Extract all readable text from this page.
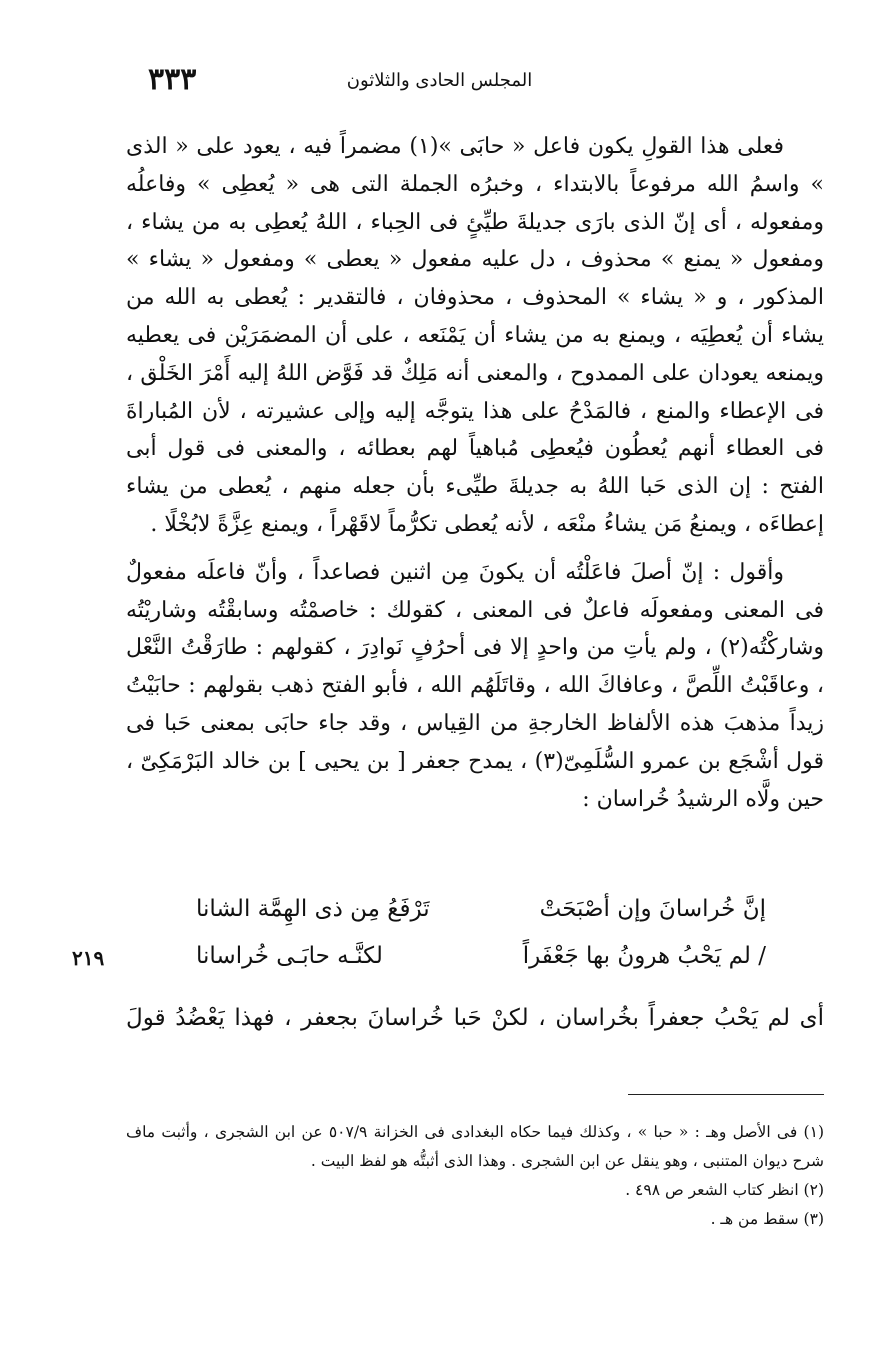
٣٣٣	المجلس الحادى والثلاثون

فعلى هذا القولِ يكون فاعل « حابَى »(١) مضمراً فيه ، يعود على « الذى » واسمُ الله مرفوعاً بالابتداء ، وخبرُه الجملة التى هى « يُعطِى » وفاعلُه ومفعوله ، أى إنّ الذى بارَى جديلةَ طيِّئٍ فى الحِباء ، اللهُ يُعطِى به من يشاء ، ومفعول « يمنع » محذوف ، دل عليه مفعول « يعطى » ومفعول « يشاء » المذكور ، و « يشاء » المحذوف ، محذوفان ، فالتقدير : يُعطى به الله من يشاء أن يُعطِيَه ، ويمنع به من يشاء أن يَمْنَعه ، على أن المضمَرَيْن فى يعطيه ويمنعه يعودان على الممدوح ، والمعنى أنه مَلِكٌ قد فَوَّض اللهُ إليه أَمْرَ الخَلْق ، فى الإعطاء والمنع ، فالمَدْحُ على هذا يتوجَّه إليه وإلى عشيرته ، لأن المُباراةَ فى العطاء أنهم يُعطُون فيُعطِى مُباهياً لهم بعطائه ، والمعنى فى قول أبى الفتح : إن الذى حَبا اللهُ به جديلةَ طيِّىء بأن جعله منهم ، يُعطى من يشاء إعطاءَه ، ويمنعُ مَن يشاءُ منْعَه ، لأنه يُعطى تكرُّماً لاقَهْراً ، ويمنع عِزَّةً لابُخْلًا .

وأقول : إنّ أصلَ فاعَلْتُه أن يكونَ مِن اثنين فصاعداً ، وأنّ فاعلَه مفعولٌ فى المعنى ومفعولَه فاعلٌ فى المعنى ، كقولك : خاصمْتُه وسابقْتُه وشاريْتُه وشاركْتُه(٢) ، ولم يأتِ من واحدٍ إلا فى أحرُفٍ نَوادِرَ ، كقولهم : طارَقْتُ النَّعْل ، وعاقَبْتُ اللِّصَّ ، وعافاكَ الله ، وقاتَلَهُم الله ، فأبو الفتح ذهب بقولهم : حابَيْتُ زيداً مذهبَ هذه الألفاظ الخارجةِ من القِياس ، وقد جاء حابَى بمعنى حَبا فى قول أشْجَع بن عمرو السُّلَمِىّ(٣) ، يمدح جعفر [ بن يحيى ] بن خالد البَرْمَكِىّ ، حين ولَّاه الرشيدُ خُراسان :

إنَّ خُراسانَ وإن أصْبَحَتْ
تَرْفَعُ مِن ذى الهِمَّة الشانا
/ لم يَحْبُ هرونُ بها جَعْفَراً
لكنَّـه حابَـى خُراسانا
٢١٩

أى لم يَحْبُ جعفراً بخُراسان ، لكنْ حَبا خُراسانَ بجعفر ، فهذا يَعْضُدُ قولَ

(١) فى الأصل وهـ : « حبا » ، وكذلك فيما حكاه البغدادى فى الخزانة ٥٠٧/٩ عن ابن الشجرى ، وأثبت ماف شرح ديوان المتنبى ، وهو ينقل عن ابن الشجرى . وهذا الذى أثبتُّه هو لفظ البيت .
(٢) انظر كتاب الشعر ص ٤٩٨ .
(٣) سقط من هـ .
